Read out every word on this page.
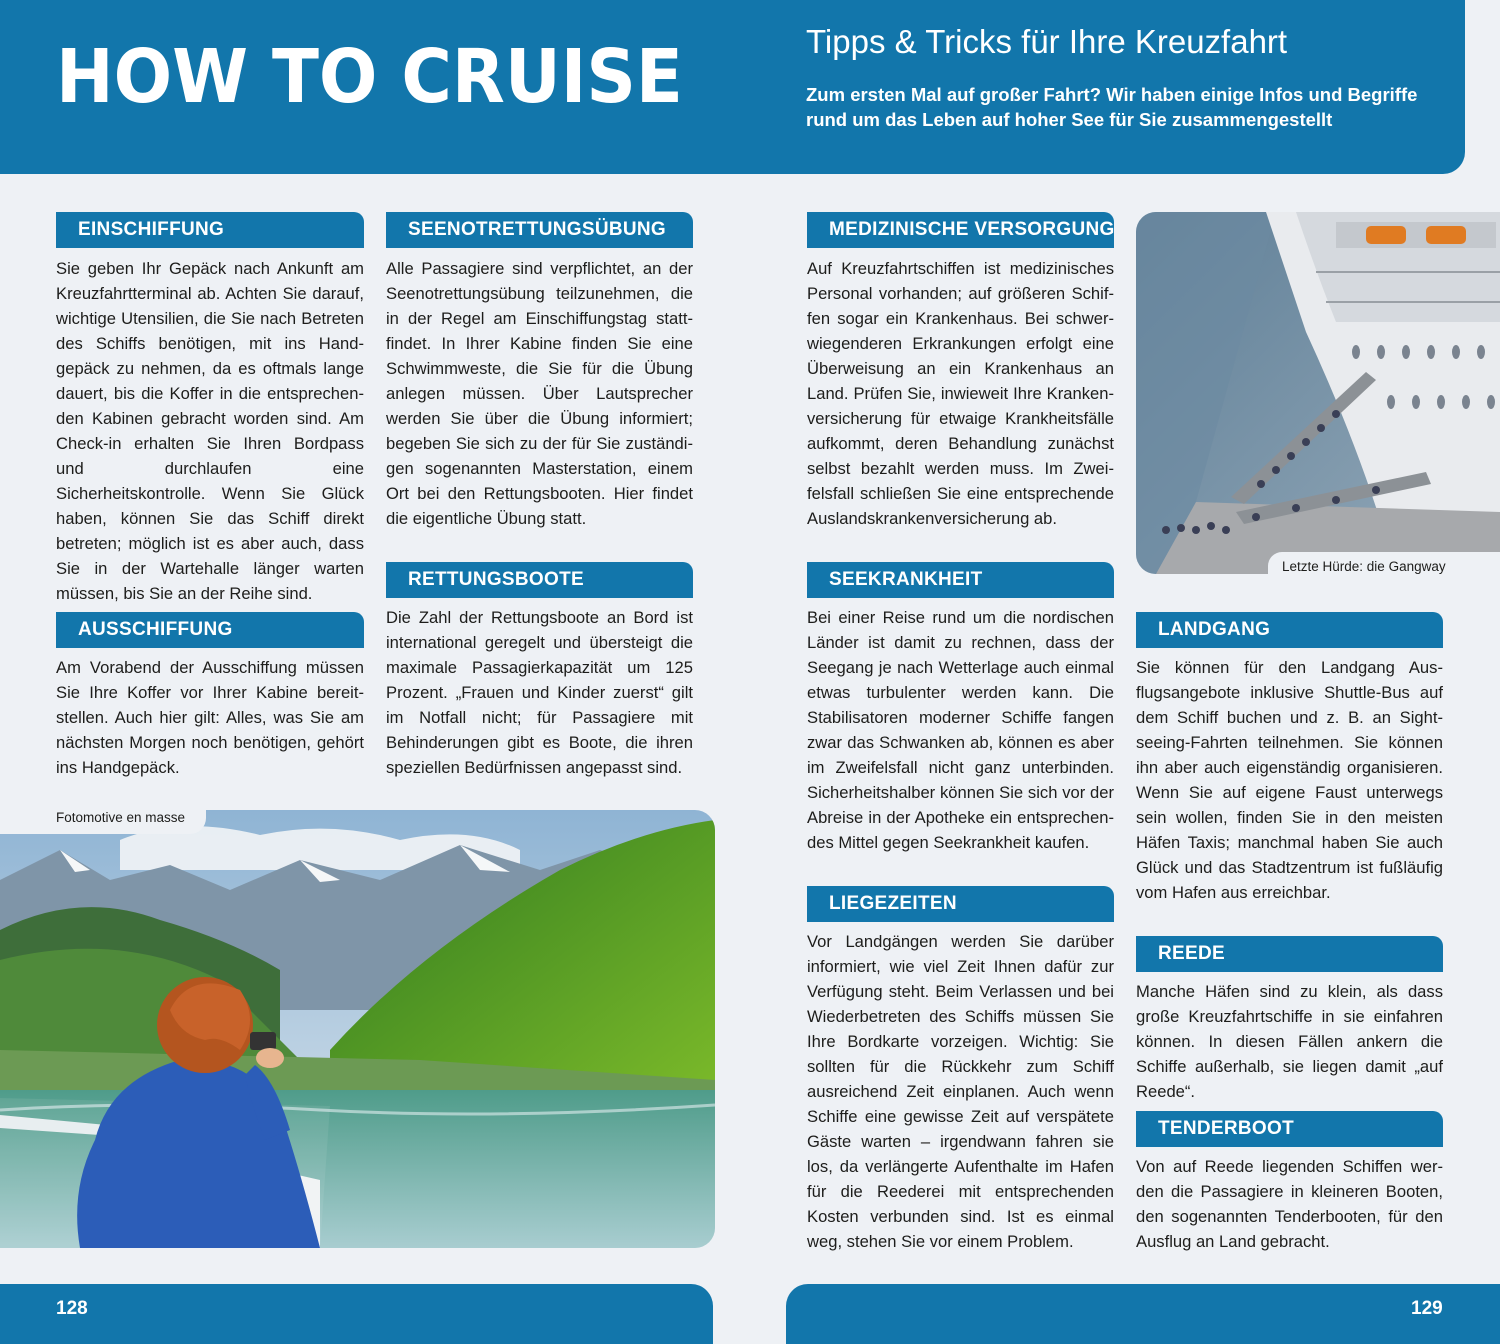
HOW TO CRUISE	Tipps & Tricks für Ihre Kreuzfahrt
Zum ersten Mal auf großer Fahrt? Wir haben einige Infos und Begriffe rund um das Leben auf hoher See für Sie zusammengestellt
EINSCHIFFUNG
Sie geben Ihr Gepäck nach Ankunft am Kreuzfahrtterminal ab. Achten Sie darauf, wichtige Utensilien, die Sie nach Betreten des Schiffs benötigen, mit ins Handgepäck zu nehmen, da es oftmals lange dauert, bis die Koffer in die entsprechenden Kabinen gebracht worden sind. Am Check-in erhalten Sie Ihren Bordpass und durchlaufen eine Sicherheitskontrolle. Wenn Sie Glück haben, können Sie das Schiff direkt betreten; möglich ist es aber auch, dass Sie in der Wartehalle länger warten müssen, bis Sie an der Reihe sind.
AUSSCHIFFUNG
Am Vorabend der Ausschiffung müssen Sie Ihre Koffer vor Ihrer Kabine bereitstellen. Auch hier gilt: Alles, was Sie am nächsten Morgen noch benötigen, gehört ins Handgepäck.
SEENOTRETTUNGSÜBUNG
Alle Passagiere sind verpflichtet, an der Seenotrettungsübung teilzunehmen, die in der Regel am Einschiffungstag stattfindet. In Ihrer Kabine finden Sie eine Schwimmweste, die Sie für die Übung anlegen müssen. Über Lautsprecher werden Sie über die Übung informiert; begeben Sie sich zu der für Sie zuständigen sogenannten Masterstation, einem Ort bei den Rettungsbooten. Hier findet die eigentliche Übung statt.
RETTUNGSBOOTE
Die Zahl der Rettungsboote an Bord ist international geregelt und übersteigt die maximale Passagierkapazität um 125 Prozent. „Frauen und Kinder zuerst“ gilt im Notfall nicht; für Passagiere mit Behinderungen gibt es Boote, die ihren speziellen Bedürfnissen angepasst sind.
Fotomotive en masse
MEDIZINISCHE VERSORGUNG
Auf Kreuzfahrtschiffen ist medizinisches Personal vorhanden; auf größeren Schiffen sogar ein Krankenhaus. Bei schwerwiegenderen Erkrankungen erfolgt eine Überweisung an ein Krankenhaus an Land. Prüfen Sie, inwieweit Ihre Krankenversicherung für etwaige Krankheitsfälle aufkommt, deren Behandlung zunächst selbst bezahlt werden muss. Im Zweifelsfall schließen Sie eine entsprechende Auslandskrankenversicherung ab.
SEEKRANKHEIT
Bei einer Reise rund um die nordischen Länder ist damit zu rechnen, dass der Seegang je nach Wetterlage auch einmal etwas turbulenter werden kann. Die Stabilisatoren moderner Schiffe fangen zwar das Schwanken ab, können es aber im Zweifelsfall nicht ganz unterbinden. Sicherheitshalber können Sie sich vor der Abreise in der Apotheke ein entsprechendes Mittel gegen Seekrankheit kaufen.
LIEGEZEITEN
Vor Landgängen werden Sie darüber informiert, wie viel Zeit Ihnen dafür zur Verfügung steht. Beim Verlassen und bei Wiederbetreten des Schiffs müssen Sie Ihre Bordkarte vorzeigen. Wichtig: Sie sollten für die Rückkehr zum Schiff ausreichend Zeit einplanen. Auch wenn Schiffe eine gewisse Zeit auf verspätete Gäste warten – irgendwann fahren sie los, da verlängerte Aufenthalte im Hafen für die Reederei mit entsprechenden Kosten verbunden sind. Ist es einmal weg, stehen Sie vor einem Problem.
Letzte Hürde: die Gangway
LANDGANG
Sie können für den Landgang Ausflugsangebote inklusive Shuttle-Bus auf dem Schiff buchen und z. B. an Sightseeing-Fahrten teilnehmen. Sie können ihn aber auch eigenständig organisieren. Wenn Sie auf eigene Faust unterwegs sein wollen, finden Sie in den meisten Häfen Taxis; manchmal haben Sie auch Glück und das Stadtzentrum ist fußläufig vom Hafen aus erreichbar.
REEDE
Manche Häfen sind zu klein, als dass große Kreuzfahrtschiffe in sie einfahren können. In diesen Fällen ankern die Schiffe außerhalb, sie liegen damit „auf Reede“.
TENDERBOOT
Von auf Reede liegenden Schiffen werden die Passagiere in kleineren Booten, den sogenannten Tenderbooten, für den Ausflug an Land gebracht.
128	129
